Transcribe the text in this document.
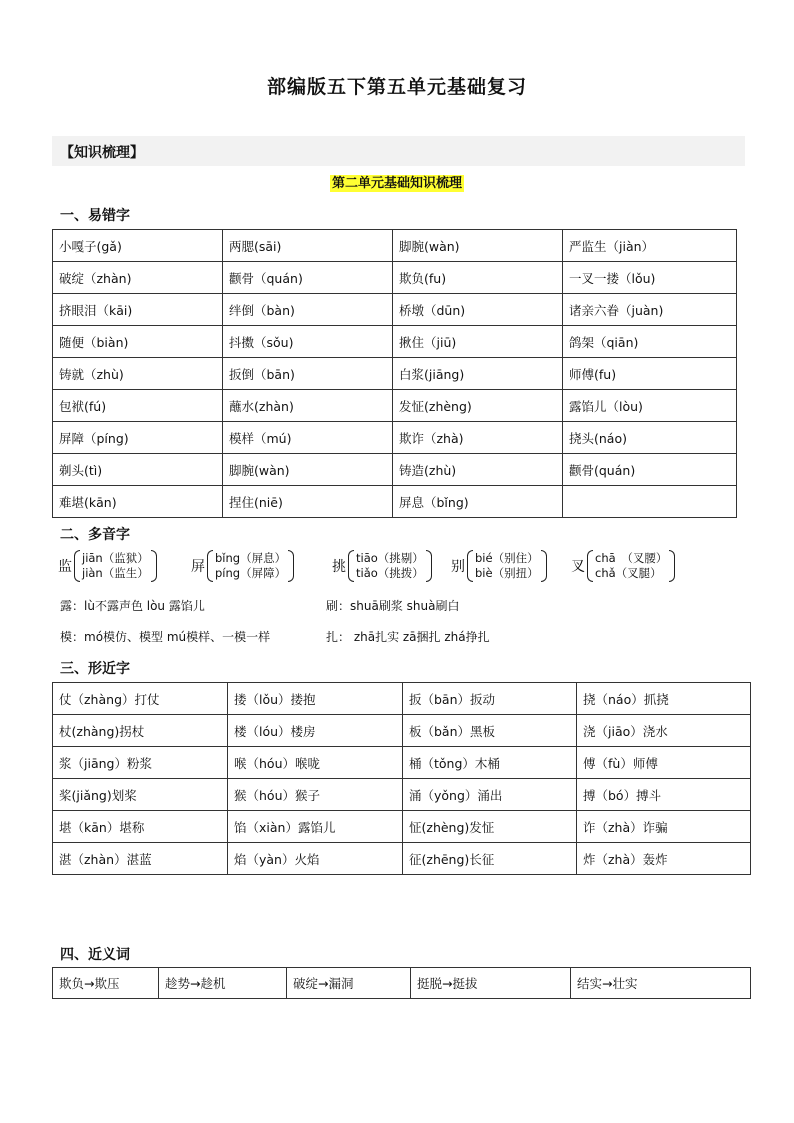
部编版五下第五单元基础复习
【知识梳理】
第二单元基础知识梳理
一、易错字
小嘎子(gǎ)	两腮(sāi)	脚腕(wàn)	严监生（jiàn）
破绽（zhàn)	颧骨（quán)	欺负(fu)	一叉一搂（lǒu)
挤眼泪（kāi)	绊倒（bàn)	桥墩（dūn)	诸亲六眷（juàn)
随便（biàn)	抖擞（sǒu)	揪住（jiū)	鸽架（qiān)
铸就（zhù)	扳倒（bān)	白浆(jiāng)	师傅(fu)
包袱(fú)	蘸水(zhàn)	发怔(zhèng)	露馅儿（lòu)
屏障（píng)	模样（mú)	欺诈（zhà)	挠头(náo)
剃头(tì)	脚腕(wàn)	铸造(zhù)	颧骨(quán)
难堪(kān)	捏住(niē)	屏息（bǐng)	
二、多音字
监
jiān（监狱）
jiàn（监生）	屏
bǐng（屏息）
píng（屏障）	挑
tiāo（挑剔）
tiǎo（挑拨） 别
bié（别住）
biè（别扭） 叉
chā　（叉腰）
chǎ（叉腿）
露：lù不露声色 lòu 露馅儿	刷：shuā刷浆 shuà刷白
模：mó模仿、模型 mú模样、一模一样	扎： zhā扎实 zā捆扎 zhá挣扎
三、形近字
仗（zhàng）打仗	搂（lǒu）搂抱	扳（bān）扳动	挠（náo）抓挠
杖(zhàng)拐杖	楼（lóu）楼房	板（bǎn）黑板	浇（jiāo）浇水
浆（jiāng）粉浆	喉（hóu）喉咙	桶（tǒng）木桶	傅（fù）师傅
桨(jiǎng)划桨	猴（hóu）猴子	涌（yǒng）涌出	搏（bó）搏斗
堪（kān）堪称	馅（xiàn）露馅儿	怔(zhèng)发怔	诈（zhà）诈骗
湛（zhàn）湛蓝	焰（yàn）火焰	征(zhēng)长征	炸（zhà）轰炸
四、近义词
欺负→欺压	趁势→趁机	破绽→漏洞	挺脱→挺拔	结实→壮实
